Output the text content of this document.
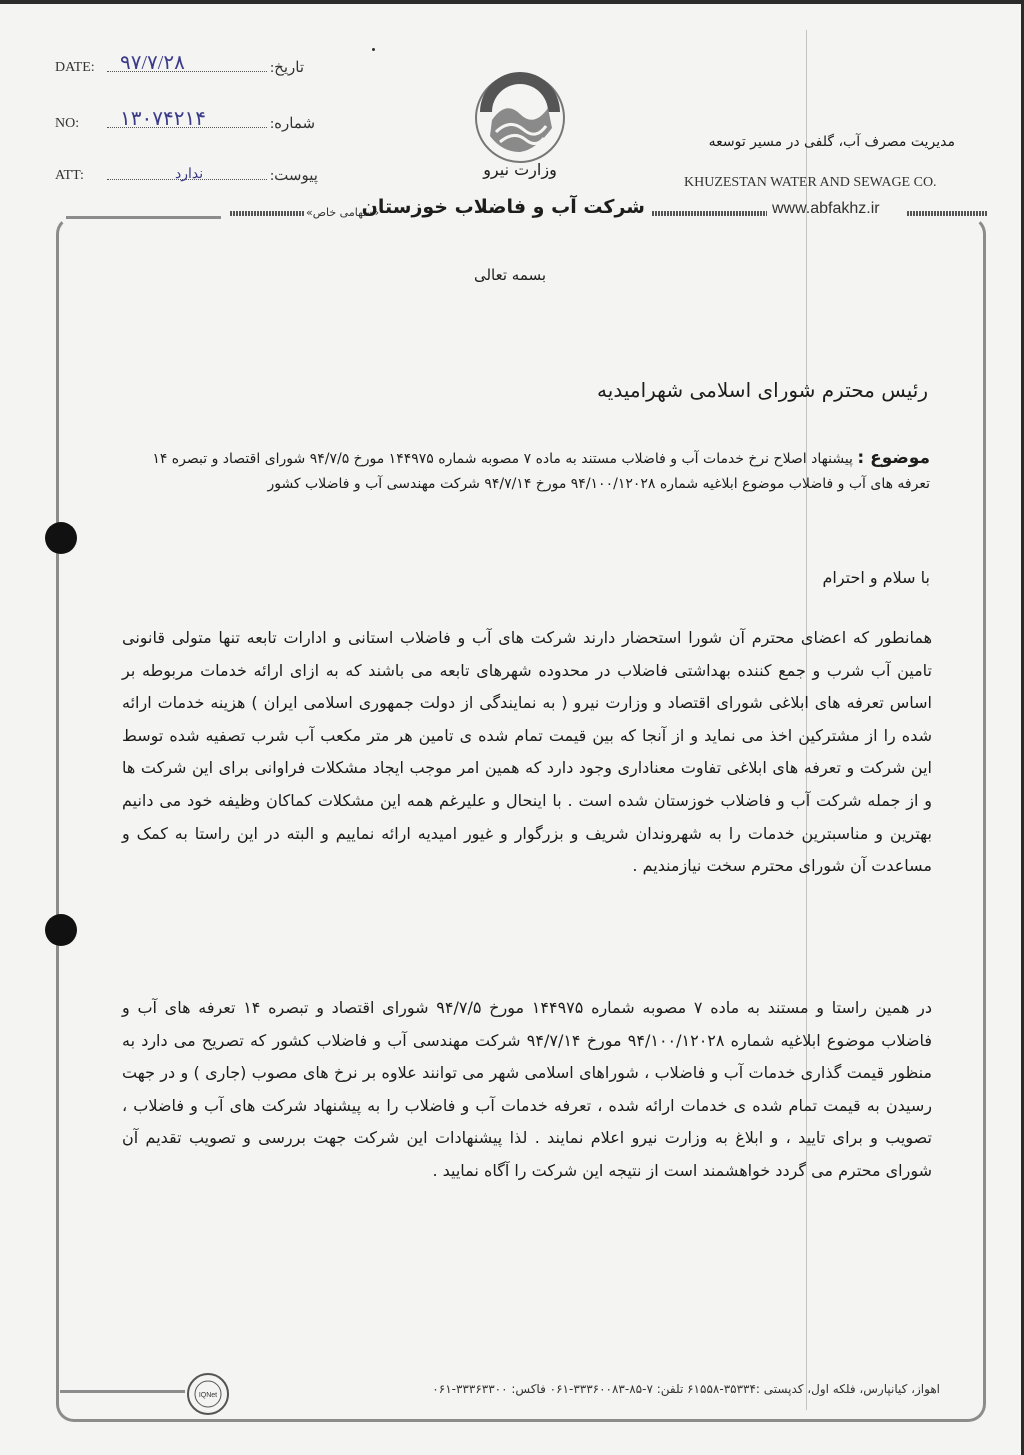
DATE: ۹۷/۷/۲۸	تاریخ:
NO: ۱۳۰۷۴۲۱۴	شماره:
ATT:	ندارد	پیوست:	وزارت نیرو
مدیریت مصرف آب، گلفی در مسیر توسعه
KHUZESTAN WATER AND SEWAGE CO.
«سهامی خاص»
شرکت آب و فاضلاب خوزستان	www.abfakhz.ir
بسمه تعالی
رئیس محترم شورای اسلامی شهرامیدیه
موضوع : پیشنهاد اصلاح نرخ خدمات آب و فاضلاب مستند به ماده ۷ مصوبه شماره ۱۴۴۹۷۵ مورخ ۹۴/۷/۵ شورای اقتصاد و تبصره ۱۴ تعرفه های آب و فاضلاب موضوع ابلاغیه شماره ۹۴/۱۰۰/۱۲۰۲۸ مورخ ۹۴/۷/۱۴ شرکت مهندسی آب و فاضلاب کشور
با سلام و احترام
همانطور که اعضای محترم آن شورا استحضار دارند شرکت های آب و فاضلاب استانی و ادارات تابعه تنها متولی قانونی تامین آب شرب و جمع کننده بهداشتی فاضلاب در محدوده شهرهای تابعه می باشند که به ازای ارائه خدمات مربوطه بر اساس تعرفه های ابلاغی شورای اقتصاد و وزارت نیرو ( به نمایندگی از دولت جمهوری اسلامی ایران ) هزینه خدمات ارائه شده را از مشترکین اخذ می نماید و از آنجا که بین قیمت تمام شده ی تامین هر متر مکعب آب شرب تصفیه شده توسط این شرکت و تعرفه های ابلاغی تفاوت معناداری وجود دارد که همین امر موجب ایجاد مشکلات فراوانی برای این شرکت ها و از جمله شرکت آب و فاضلاب خوزستان شده است . با اینحال و علیرغم همه این مشکلات کماکان وظیفه خود می دانیم بهترین و مناسبترین خدمات را به شهروندان شریف و بزرگوار و غیور امیدیه ارائه نماییم و البته در این راستا به کمک و مساعدت آن شورای محترم سخت نیازمندیم .
در همین راستا و مستند به ماده ۷ مصوبه شماره ۱۴۴۹۷۵ مورخ ۹۴/۷/۵ شورای اقتصاد و تبصره ۱۴ تعرفه های آب و فاضلاب موضوع ابلاغیه شماره ۹۴/۱۰۰/۱۲۰۲۸ مورخ ۹۴/۷/۱۴ شرکت مهندسی آب و فاضلاب کشور که تصریح می دارد به منظور قیمت گذاری خدمات آب و فاضلاب ، شوراهای اسلامی شهر می توانند علاوه بر نرخ های مصوب (جاری ) و در جهت رسیدن به قیمت تمام شده ی خدمات ارائه شده ، تعرفه خدمات آب و فاضلاب را به پیشنهاد شرکت های آب و فاضلاب ، تصویب و برای تایید ، و ابلاغ به وزارت نیرو اعلام نمایند . لذا پیشنهادات این شرکت جهت بررسی و تصویب تقدیم آن شورای محترم می گردد خواهشمند است از نتیجه این شرکت را آگاه نمایید .
IQNet	اهواز، کیانپارس، فلکه اول، کدپستی :۳۵۳۳۴-۶۱۵۵۸ تلفن: ۷-۸۵-۳۳۳۶۰۰۸۳-۰۶۱ فاکس: ۳۳۳۶۳۳۰۰-۰۶۱
